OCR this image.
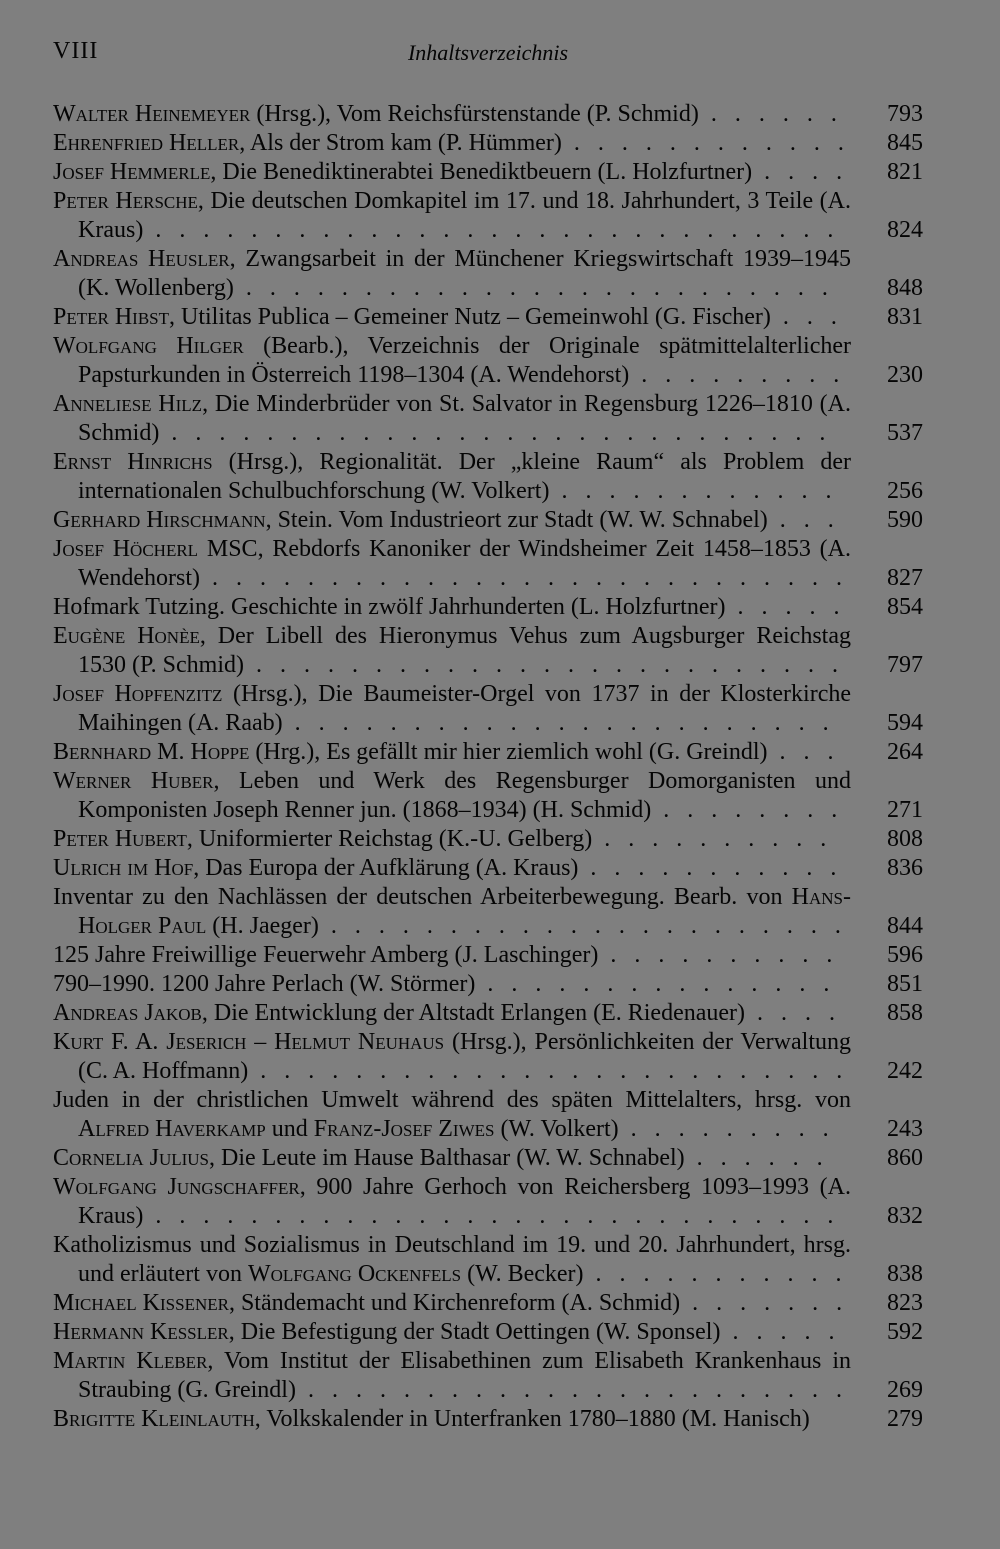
VIII	Inhaltsverzeichnis
Walter Heinemeyer (Hrsg.), Vom Reichsfürstenstande (P. Schmid) . . . . . .	793
Ehrenfried Heller, Als der Strom kam (P. Hümmer) . . . . . . . . . . . .	845
Josef Hemmerle, Die Benediktinerabtei Benediktbeuern (L. Holzfurtner) . . . .	821
Peter Hersche, Die deutschen Domkapitel im 17. und 18. Jahrhundert, 3 Teile (A. Kraus) . . . . . . . . . . . . . . . . . . . . . . . . . . . . .	824
Andreas Heusler, Zwangsarbeit in der Münchener Kriegswirtschaft 1939–1945 (K. Wollenberg) . . . . . . . . . . . . . . . . . . . . . . . . .	848
Peter Hibst, Utilitas Publica – Gemeiner Nutz – Gemeinwohl (G. Fischer) . . .	831
Wolfgang Hilger (Bearb.), Verzeichnis der Originale spätmittelalterlicher Papsturkunden in Österreich 1198–1304 (A. Wendehorst) . . . . . . . . .	230
Anneliese Hilz, Die Minderbrüder von St. Salvator in Regensburg 1226–1810 (A. Schmid) . . . . . . . . . . . . . . . . . . . . . . . . . . . .	537
Ernst Hinrichs (Hrsg.), Regionalität. Der „kleine Raum“ als Problem der internationalen Schulbuchforschung (W. Volkert) . . . . . . . . . . . .	256
Gerhard Hirschmann, Stein. Vom Industrieort zur Stadt (W. W. Schnabel) . . .	590
Josef Höcherl MSC, Rebdorfs Kanoniker der Windsheimer Zeit 1458–1853 (A. Wendehorst) . . . . . . . . . . . . . . . . . . . . . . . . . . .	827
Hofmark Tutzing. Geschichte in zwölf Jahrhunderten (L. Holzfurtner) . . . . .	854
Eugène Honèe, Der Libell des Hieronymus Vehus zum Augsburger Reichstag 1530 (P. Schmid) . . . . . . . . . . . . . . . . . . . . . . . . .	797
Josef Hopfenzitz (Hrsg.), Die Baumeister-Orgel von 1737 in der Klosterkirche Maihingen (A. Raab) . . . . . . . . . . . . . . . . . . . . . . .	594
Bernhard M. Hoppe (Hrg.), Es gefällt mir hier ziemlich wohl (G. Greindl) . . .	264
Werner Huber, Leben und Werk des Regensburger Domorganisten und Komponisten Joseph Renner jun. (1868–1934) (H. Schmid) . . . . . . . .	271
Peter Hubert, Uniformierter Reichstag (K.-U. Gelberg) . . . . . . . . . .	808
Ulrich im Hof, Das Europa der Aufklärung (A. Kraus) . . . . . . . . . . .	836
Inventar zu den Nachlässen der deutschen Arbeiterbewegung. Bearb. von Hans-Holger Paul (H. Jaeger) . . . . . . . . . . . . . . . . . . . . . .	844
125 Jahre Freiwillige Feuerwehr Amberg (J. Laschinger) . . . . . . . . . .	596
790–1990. 1200 Jahre Perlach (W. Störmer) . . . . . . . . . . . . . . .	851
Andreas Jakob, Die Entwicklung der Altstadt Erlangen (E. Riedenauer) . . . .	858
Kurt F. A. Jeserich – Helmut Neuhaus (Hrsg.), Persönlichkeiten der Verwaltung (C. A. Hoffmann) . . . . . . . . . . . . . . . . . . . . . . . . .	242
Juden in der christlichen Umwelt während des späten Mittelalters, hrsg. von Alfred Haverkamp und Franz-Josef Ziwes (W. Volkert) . . . . . . . . .	243
Cornelia Julius, Die Leute im Hause Balthasar (W. W. Schnabel) . . . . . .	860
Wolfgang Jungschaffer, 900 Jahre Gerhoch von Reichersberg 1093–1993 (A. Kraus) . . . . . . . . . . . . . . . . . . . . . . . . . . . . .	832
Katholizismus und Sozialismus in Deutschland im 19. und 20. Jahrhundert, hrsg. und erläutert von Wolfgang Ockenfels (W. Becker) . . . . . . . . . . .	838
Michael Kissener, Ständemacht und Kirchenreform (A. Schmid) . . . . . . .	823
Hermann Kessler, Die Befestigung der Stadt Oettingen (W. Sponsel) . . . . .	592
Martin Kleber, Vom Institut der Elisabethinen zum Elisabeth Krankenhaus in Straubing (G. Greindl) . . . . . . . . . . . . . . . . . . . . . . .	269
Brigitte Kleinlauth, Volkskalender in Unterfranken 1780–1880 (M. Hanisch)	279
